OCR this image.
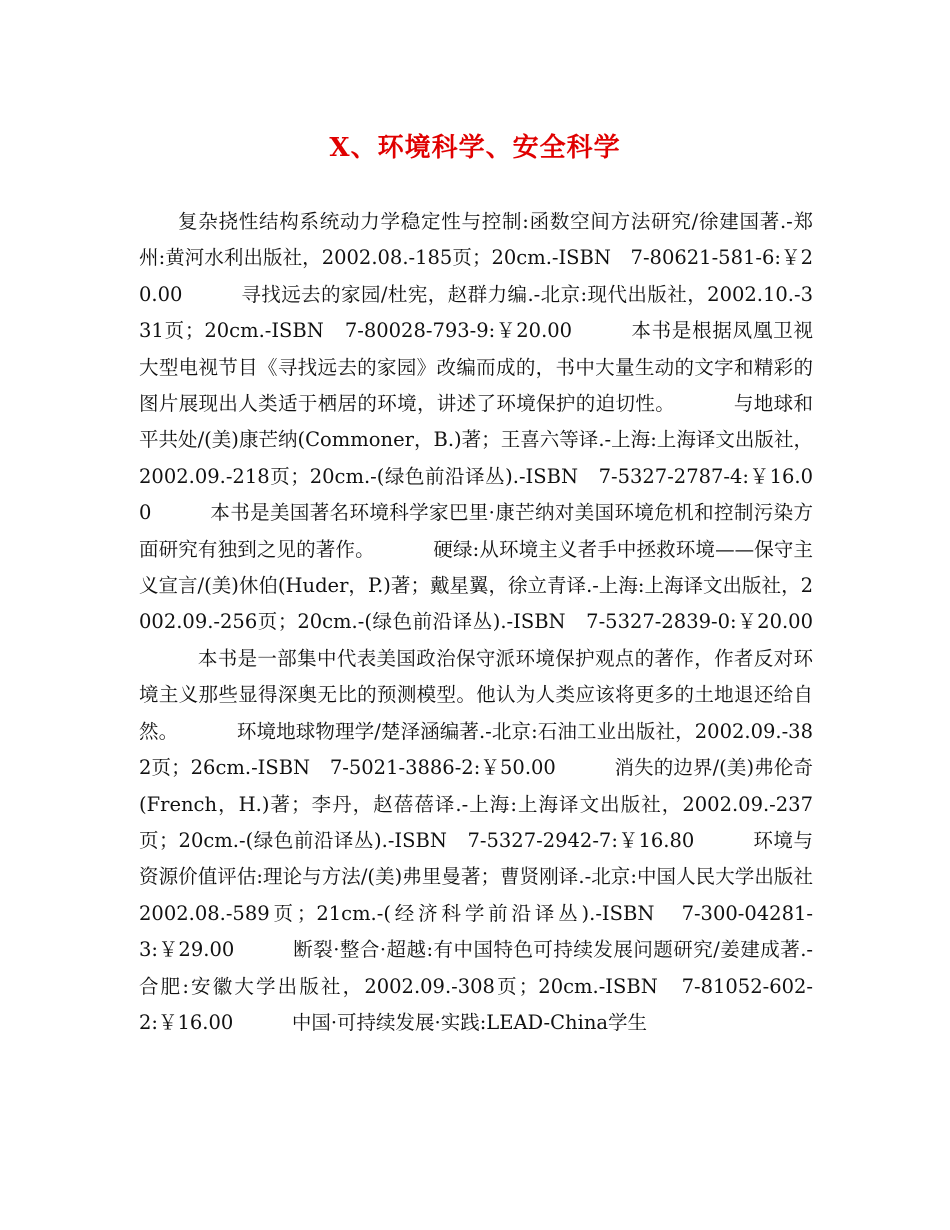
X、环境科学、安全科学

复杂挠性结构系统动力学稳定性与控制:函数空间方法研究/徐建国著.-郑州:黄河水利出版社，2002.08.-185页；20cm.-ISBN　7-80621-581-6:￥20.00	寻找远去的家园/杜宪，赵群力编.-北京:现代出版社，2002.10.-331页；20cm.-ISBN　7-80028-793-9:￥20.00	本书是根据凤凰卫视大型电视节目《寻找远去的家园》改编而成的，书中大量生动的文字和精彩的图片展现出人类适于栖居的环境，讲述了环境保护的迫切性。	与地球和平共处/(美)康芒纳(Commoner，B.)著；王喜六等译.-上海:上海译文出版社，2002.09.-218页；20cm.-(绿色前沿译丛).-ISBN　7-5327-2787-4:￥16.00	本书是美国著名环境科学家巴里·康芒纳对美国环境危机和控制污染方面研究有独到之见的著作。	硬绿:从环境主义者手中拯救环境——保守主义宣言/(美)休伯(Huder，P.)著；戴星翼，徐立青译.-上海:上海译文出版社，2002.09.-256页；20cm.-(绿色前沿译丛).-ISBN　7-5327-2839-0:￥20.00本书是一部集中代表美国政治保守派环境保护观点的著作，作者反对环境主义那些显得深奥无比的预测模型。他认为人类应该将更多的土地退还给自然。	环境地球物理学/楚泽涵编著.-北京:石油工业出版社，2002.09.-382页；26cm.-ISBN　7-5021-3886-2:￥50.00	消失的边界/(美)弗伦奇(French，H.)著；李丹，赵蓓蓓译.-上海:上海译文出版社，2002.09.-237页；20cm.-(绿色前沿译丛).-ISBN　7-5327-2942-7:￥16.80	环境与资源价值评估:理论与方法/(美)弗里曼著；曹贤刚译.-北京:中国人民大学出版社2002.08.-589页；21cm.-(经济科学前沿译丛).-ISBN　7-300-04281-3:￥29.00	断裂·整合·超越:有中国特色可持续发展问题研究/姜建成著.-合肥:安徽大学出版社，2002.09.-308页；20cm.-ISBN　7-81052-602-2:￥16.00	中国·可持续发展·实践:LEAD-China学生
